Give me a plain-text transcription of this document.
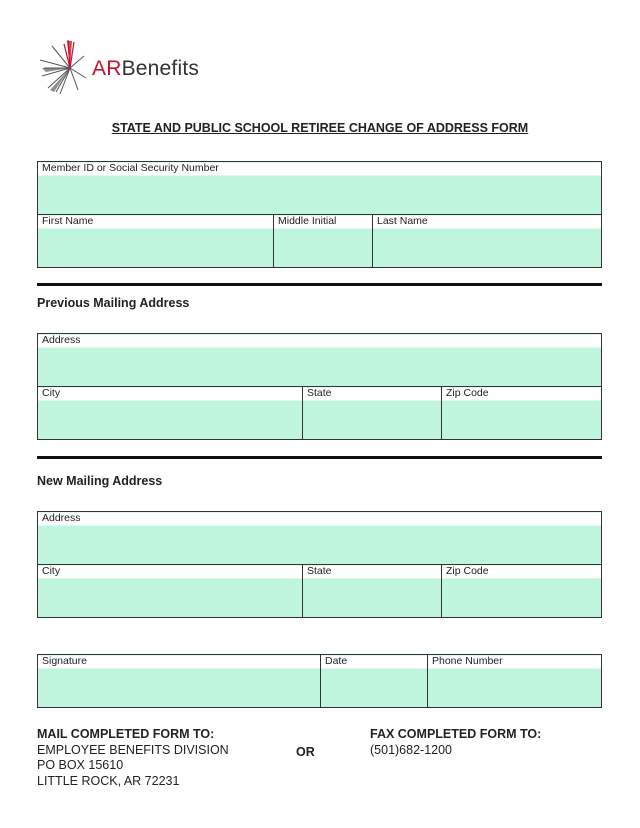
ARBenefits
STATE AND PUBLIC SCHOOL RETIREE CHANGE OF ADDRESS FORM
Member ID or Social Security Number

First Name	Middle Initial	Last Name
Previous Mailing Address
Address

City	State	Zip Code
New Mailing Address
Address

City	State	Zip Code
Signature	Date	Phone Number
MAIL COMPLETED FORM TO:
EMPLOYEE BENEFITS DIVISION
PO BOX 15610
LITTLE ROCK, AR 72231
OR
FAX COMPLETED FORM TO:
(501)682-1200
